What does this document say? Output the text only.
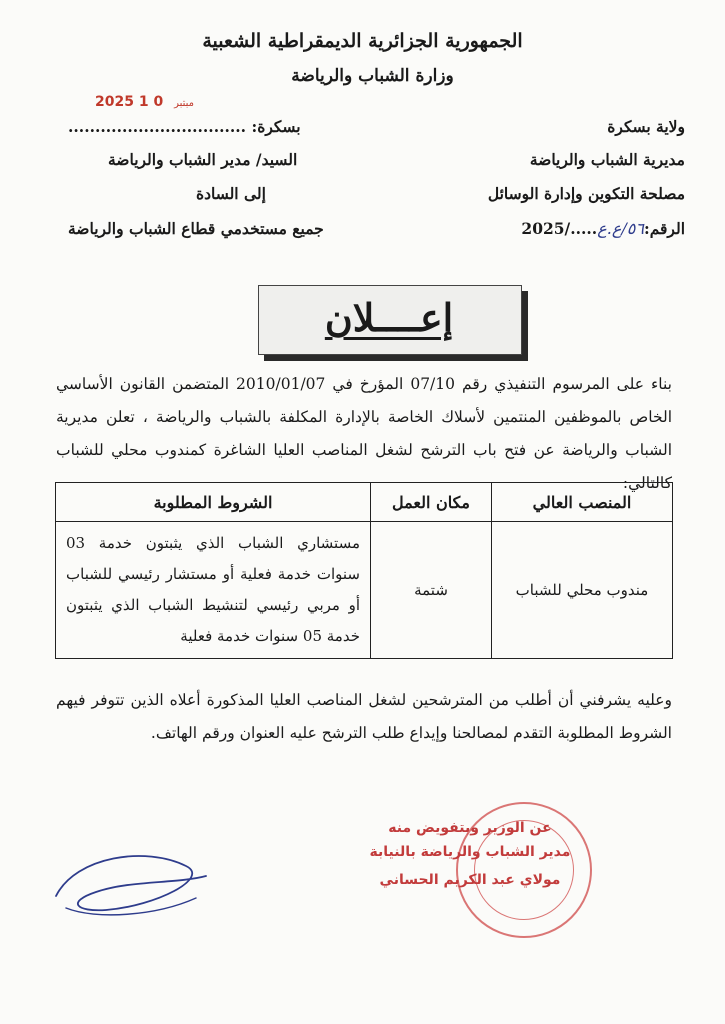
الجمهورية الجزائرية الديمقراطية الشعبية
وزارة الشباب والرياضة
2025	مبتبر 0 1
ولاية بسكرة
مديرية الشباب والرياضة
مصلحة التكوين وإدارة الوسائل
الرقم:٥٦/ع.ع...../2025
بسكرة: .................................
السيد/ مدير الشباب والرياضة
إلى السادة
جميع مستخدمي قطاع الشباب والرياضة
إعــــلان
بناء على المرسوم التنفيذي رقم 07/10 المؤرخ في 2010/01/07 المتضمن القانون الأساسي الخاص بالموظفين المنتمين لأسلاك الخاصة بالإدارة المكلفة بالشباب والرياضة ، تعلن مديرية الشباب والرياضة عن فتح باب الترشح لشغل المناصب العليا الشاغرة كمندوب محلي للشباب كالتالي:
المنصب العالي	مكان العمل	الشروط المطلوبة
مندوب محلي للشباب	شتمة	مستشاري الشباب الذي يثبتون خدمة 03 سنوات خدمة فعلية أو مستشار رئيسي للشباب أو مربي رئيسي لتنشيط الشباب الذي يثبتون خدمة 05 سنوات خدمة فعلية
وعليه يشرفني أن أطلب من المترشحين لشغل المناصب العليا المذكورة أعلاه الذين تتوفر فيهم الشروط المطلوبة التقدم لمصالحنا وإيداع طلب الترشح عليه العنوان ورقم الهاتف.
عن الوزير وبتفويض منه
مدير الشباب والرياضة بالنيابة
مولاي عبد الكريم الحساني
